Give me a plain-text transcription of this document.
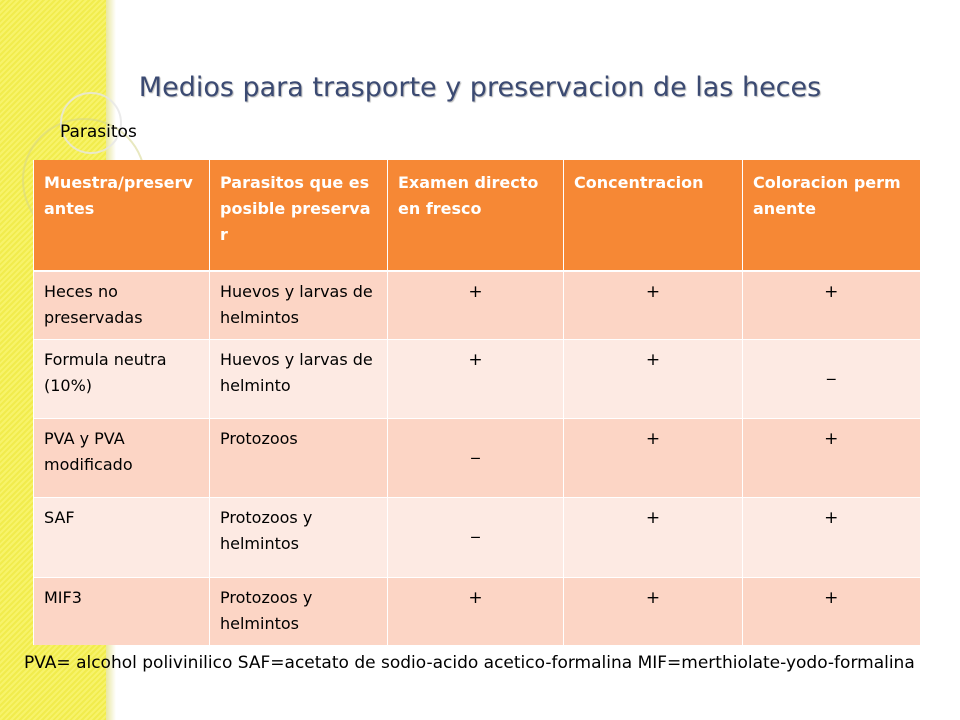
Medios para trasporte y preservacion de las heces
Parasitos
Muestra/preservantes	Parasitos que es posible preservar	Examen directo en fresco	Concentracion	Coloracion permanente
Heces no preservadas	Huevos y larvas de helmintos	+	+	+
Formula neutra (10%)	Huevos y larvas de helminto	+	+	_
PVA y PVA modificado	Protozoos	_	+	+
SAF	Protozoos y helmintos	_	+	+
MIF3	Protozoos y helmintos	+	+	+
PVA= alcohol polivinilico SAF=acetato de sodio-acido acetico-formalina MIF=merthiolate-yodo-formalina
